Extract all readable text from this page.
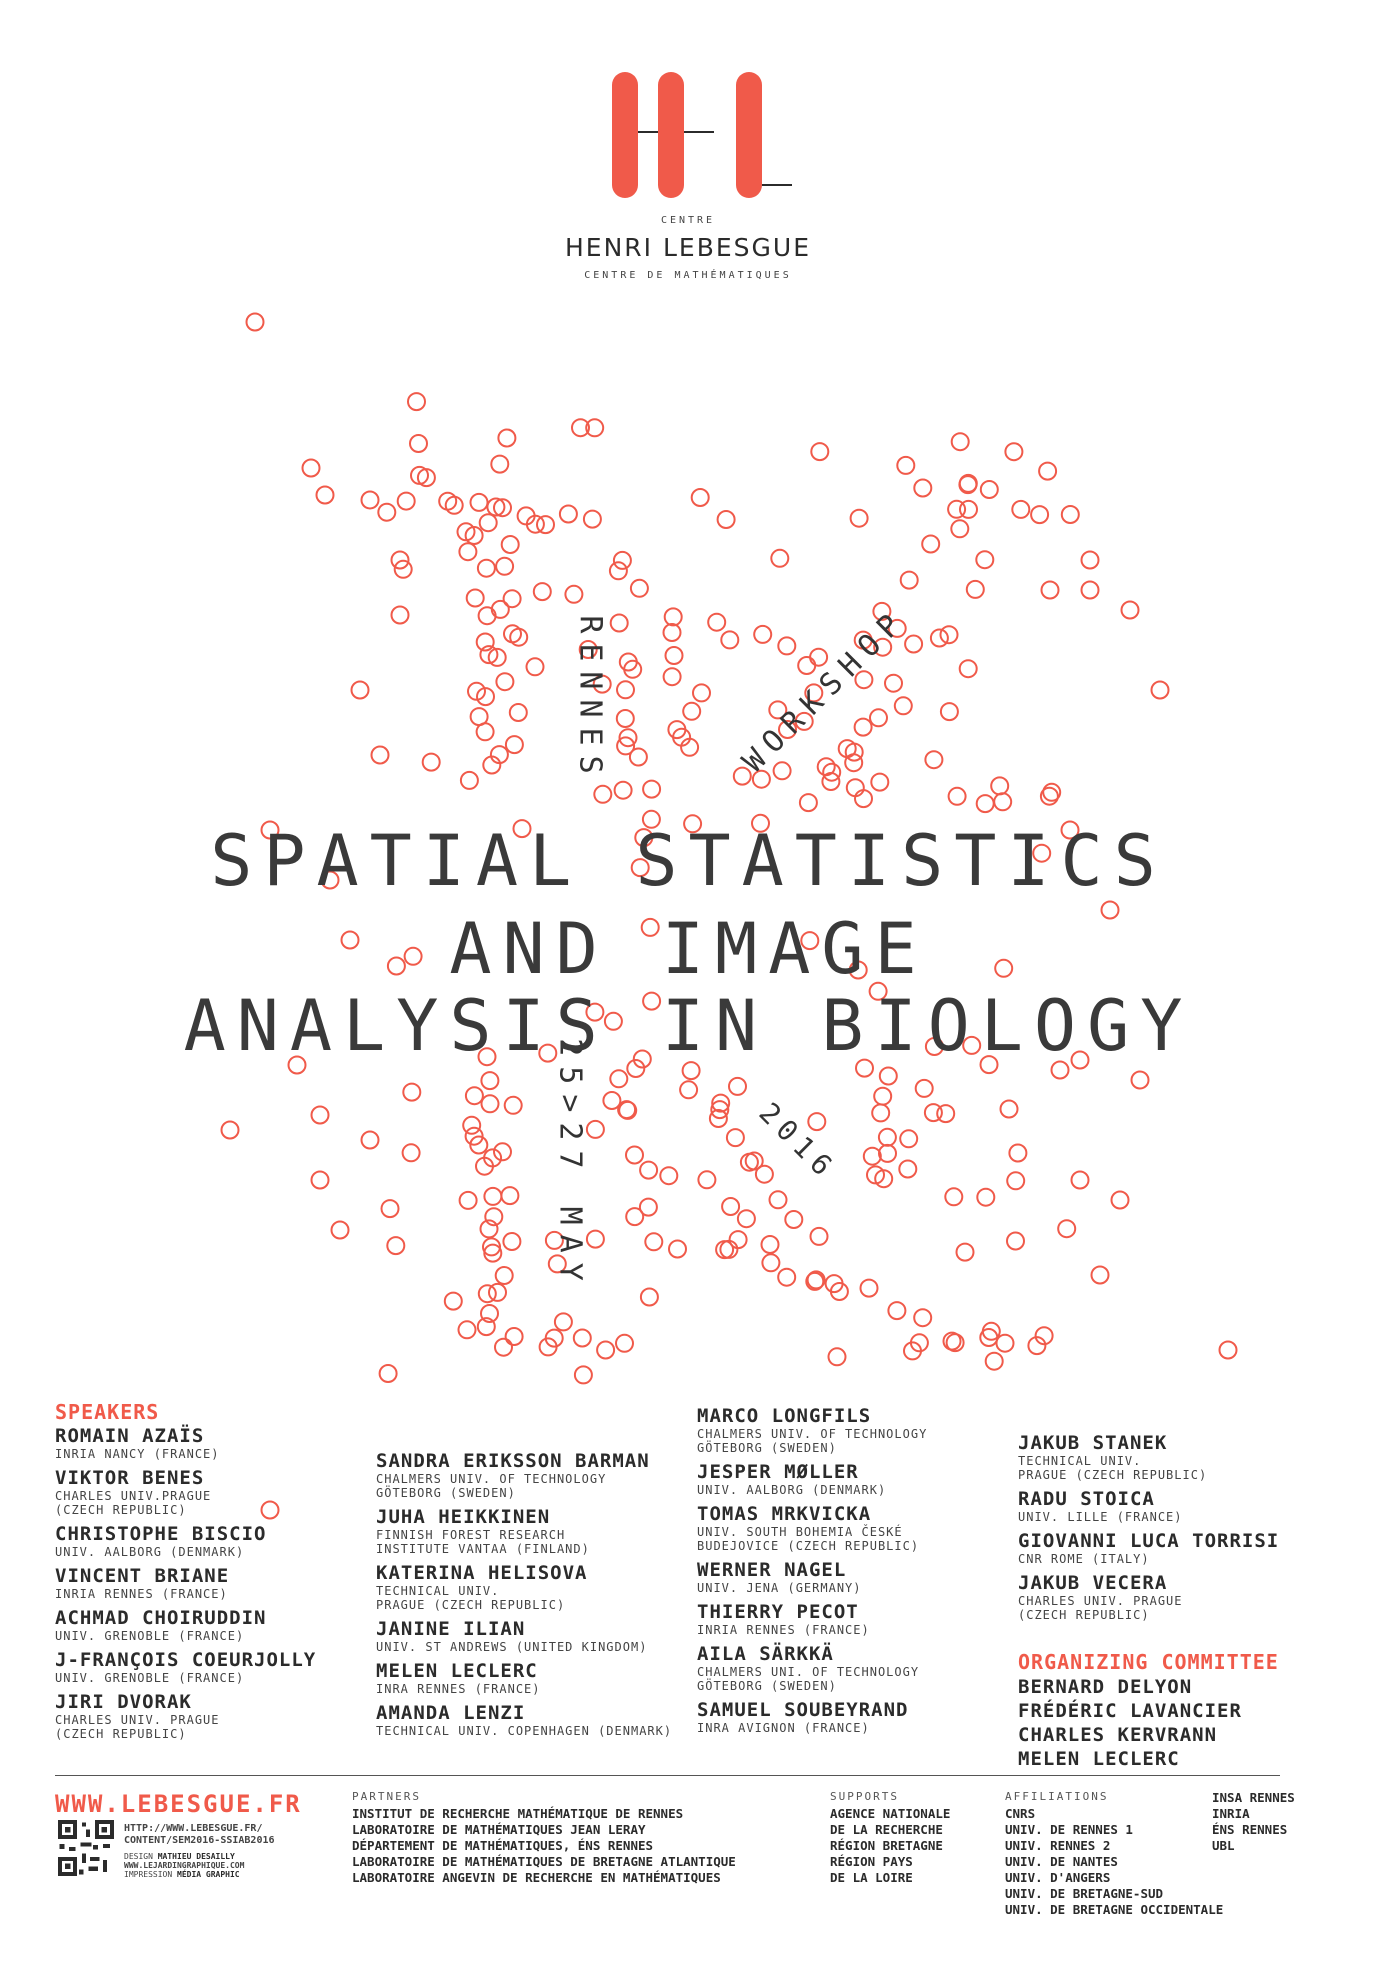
CENTRE
HENRI LEBESGUE
CENTRE DE MATHÉMATIQUES
RENNES	WORKSHOP
25>27 MAY	2016
SPATIAL STATISTICS
AND IMAGE
ANALYSIS IN BIOLOGY
SPEAKERS
ROMAIN AZAÏS
INRIA NANCY (FRANCE)
VIKTOR BENES
CHARLES UNIV.PRAGUE
(CZECH REPUBLIC)
CHRISTOPHE BISCIO
UNIV. AALBORG (DENMARK)
VINCENT BRIANE
INRIA RENNES (FRANCE)
ACHMAD CHOIRUDDIN
UNIV. GRENOBLE (FRANCE)
J-FRANÇOIS COEURJOLLY
UNIV. GRENOBLE (FRANCE)
JIRI DVORAK
CHARLES UNIV. PRAGUE
(CZECH REPUBLIC)
SANDRA ERIKSSON BARMAN
CHALMERS UNIV. OF TECHNOLOGY
GÖTEBORG (SWEDEN)
JUHA HEIKKINEN
FINNISH FOREST RESEARCH
INSTITUTE VANTAA (FINLAND)
KATERINA HELISOVA
TECHNICAL UNIV.
PRAGUE (CZECH REPUBLIC)
JANINE ILIAN
UNIV. ST ANDREWS (UNITED KINGDOM)
MELEN LECLERC
INRA RENNES (FRANCE)
AMANDA LENZI
TECHNICAL UNIV. COPENHAGEN (DENMARK)
MARCO LONGFILS
CHALMERS UNIV. OF TECHNOLOGY
GÖTEBORG (SWEDEN)
JESPER MØLLER
UNIV. AALBORG (DENMARK)
TOMAS MRKVICKA
UNIV. SOUTH BOHEMIA ČESKÉ
BUDEJOVICE (CZECH REPUBLIC)
WERNER NAGEL
UNIV. JENA (GERMANY)
THIERRY PECOT
INRIA RENNES (FRANCE)
AILA SÄRKKÄ
CHALMERS UNI. OF TECHNOLOGY
GÖTEBORG (SWEDEN)
SAMUEL SOUBEYRAND
INRA AVIGNON (FRANCE)
JAKUB STANEK
TECHNICAL UNIV.
PRAGUE (CZECH REPUBLIC)
RADU STOICA
UNIV. LILLE (FRANCE)
GIOVANNI LUCA TORRISI
CNR ROME (ITALY)
JAKUB VECERA
CHARLES UNIV. PRAGUE
(CZECH REPUBLIC)
ORGANIZING COMMITTEE
BERNARD DELYON
FRÉDÉRIC LAVANCIER
CHARLES KERVRANN
MELEN LECLERC
WWW.LEBESGUE.FR
HTTP://WWW.LEBESGUE.FR/
CONTENT/SEM2016-SSIAB2016
DESIGN MATHIEU DESAILLY
WWW.LEJARDINGRAPHIQUE.COM
IMPRESSION MÉDIA GRAPHIC
PARTNERS
INSTITUT DE RECHERCHE MATHÉMATIQUE DE RENNES
LABORATOIRE DE MATHÉMATIQUES JEAN LERAY
DÉPARTEMENT DE MATHÉMATIQUES, ÉNS RENNES
LABORATOIRE DE MATHÉMATIQUES DE BRETAGNE ATLANTIQUE
LABORATOIRE ANGEVIN DE RECHERCHE EN MATHÉMATIQUES
SUPPORTS
AGENCE NATIONALE
DE LA RECHERCHE
RÉGION BRETAGNE
RÉGION PAYS
DE LA LOIRE
AFFILIATIONS
CNRS
UNIV. DE RENNES 1
UNIV. RENNES 2
UNIV. DE NANTES
UNIV. D'ANGERS
UNIV. DE BRETAGNE-SUD
UNIV. DE BRETAGNE OCCIDENTALE
INSA RENNES
INRIA
ÉNS RENNES
UBL
